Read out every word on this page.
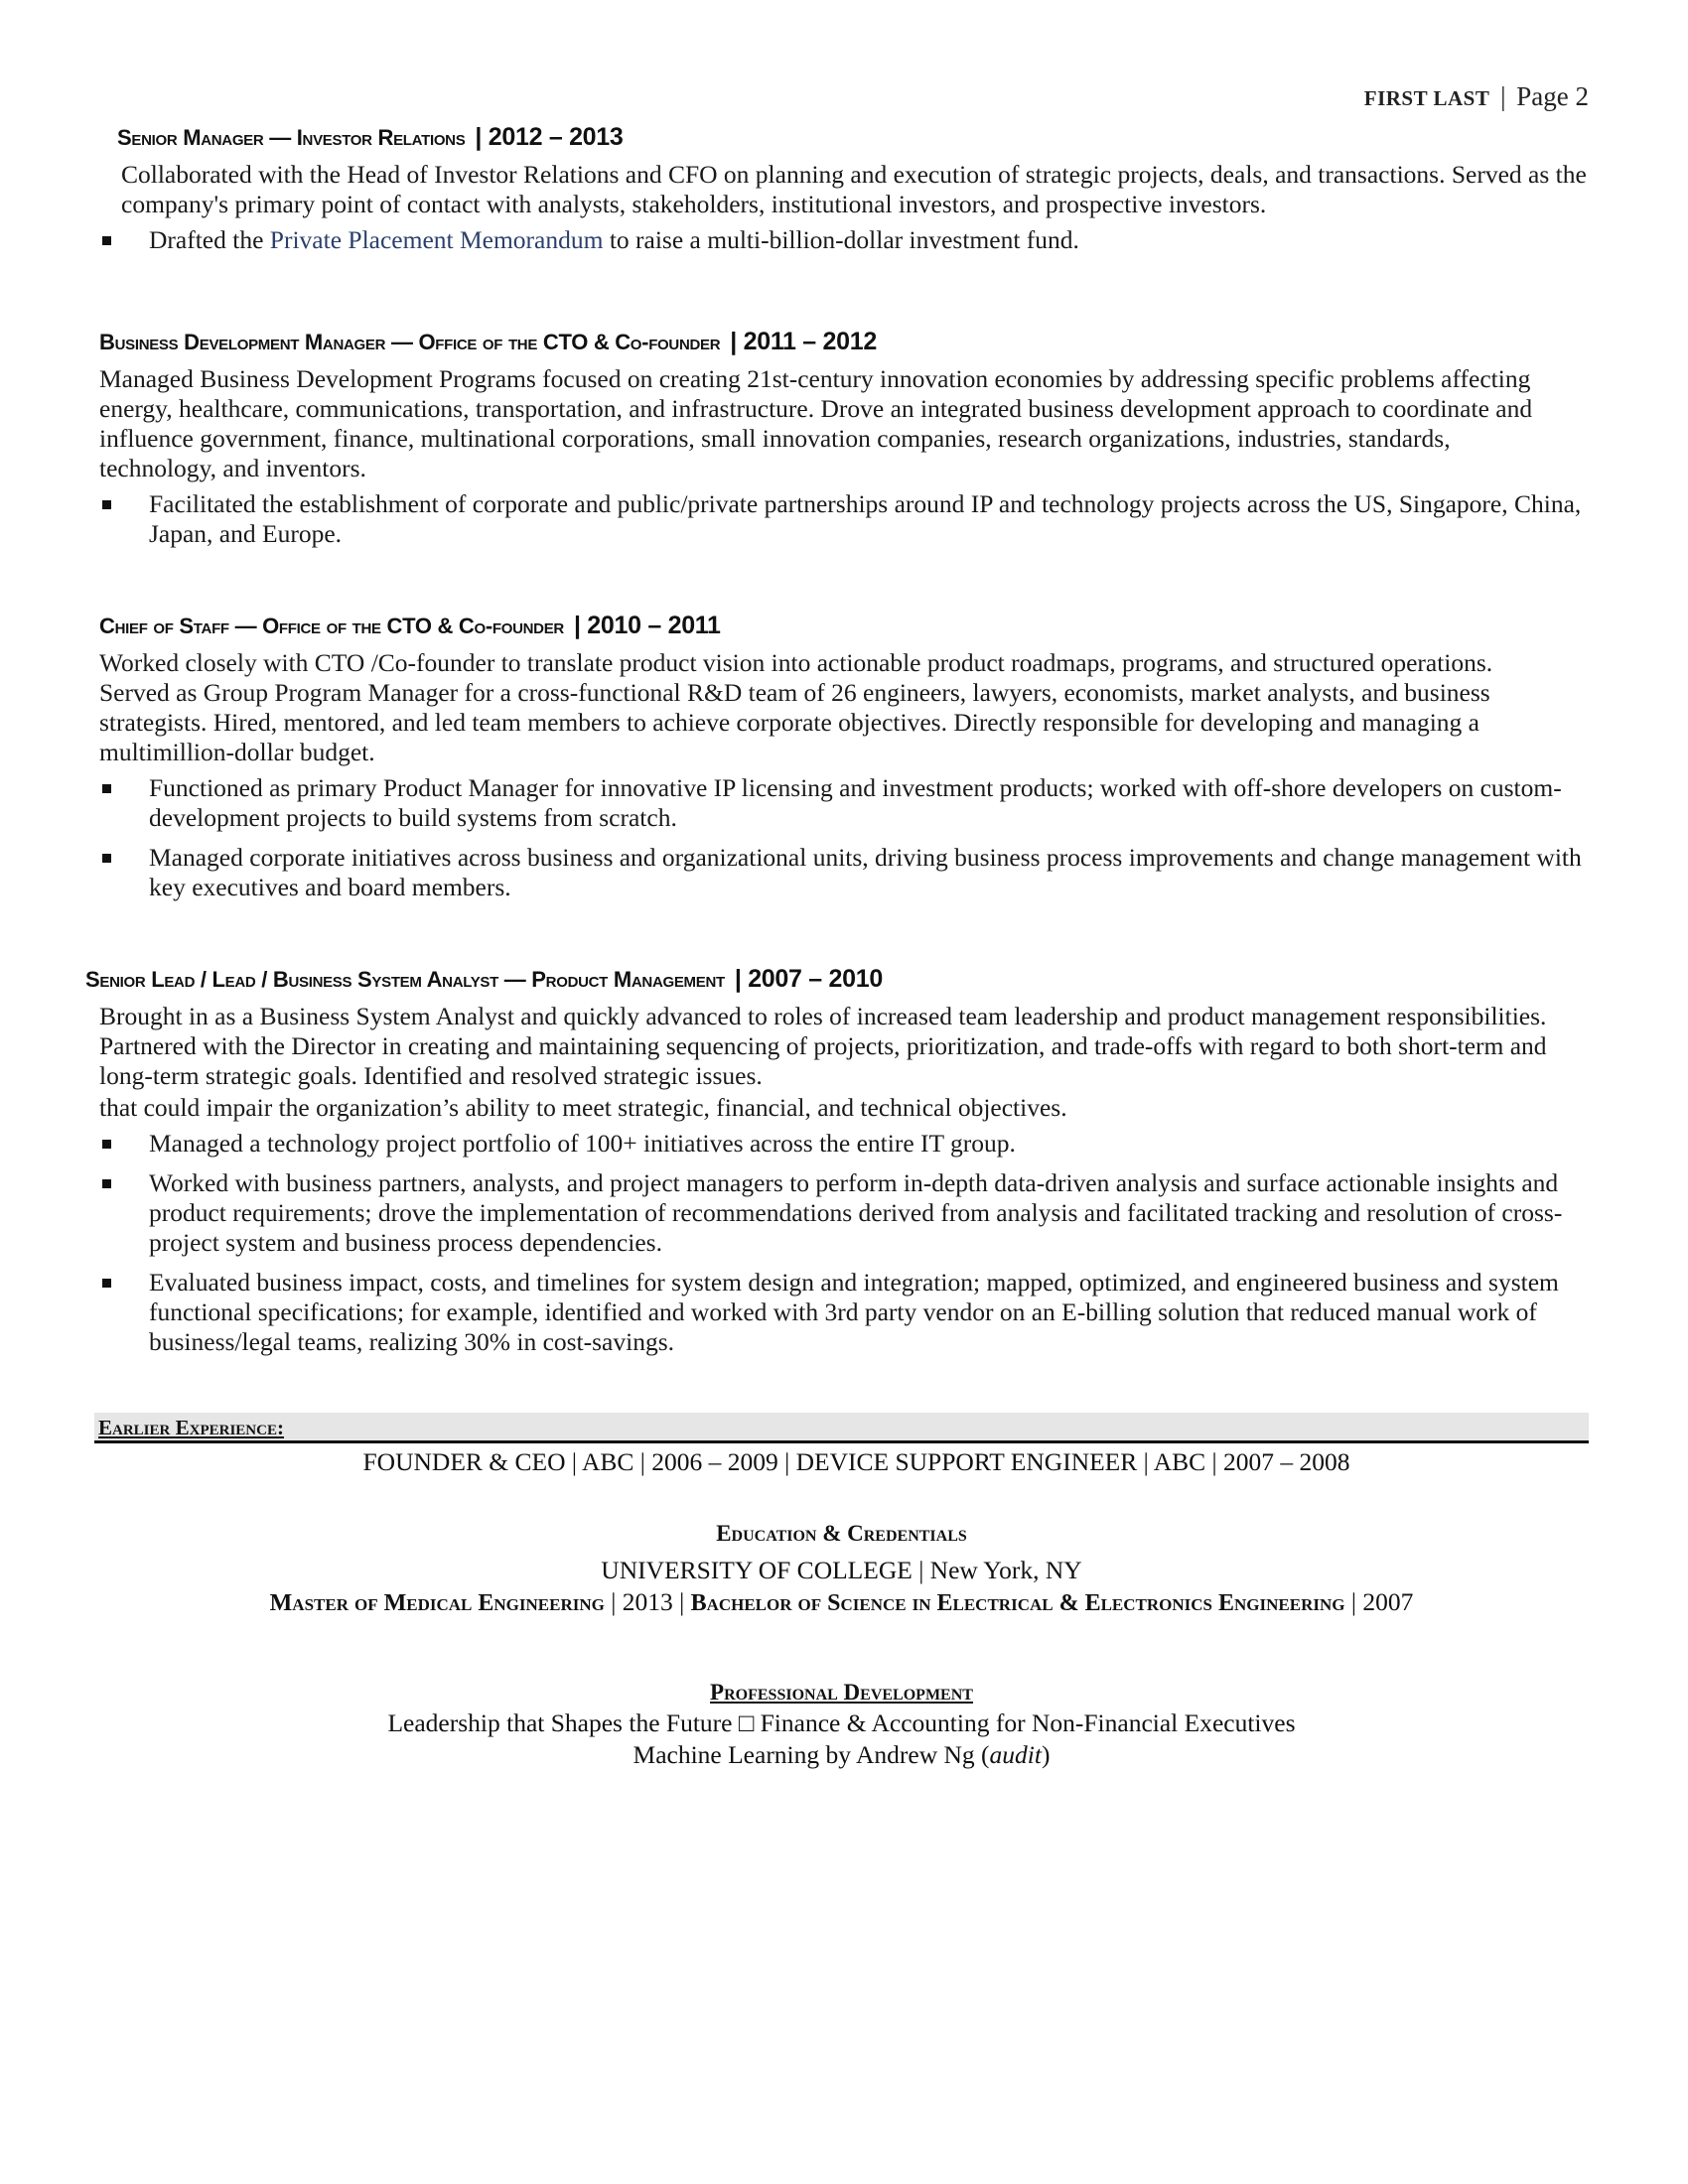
FIRST LAST | Page 2
Senior Manager — Investor Relations | 2012 – 2013
Collaborated with the Head of Investor Relations and CFO on planning and execution of strategic projects, deals, and transactions. Served as the company's primary point of contact with analysts, stakeholders, institutional investors, and prospective investors.
Drafted the Private Placement Memorandum to raise a multi-billion-dollar investment fund.
Business Development Manager — Office of the CTO & Co-founder | 2011 – 2012
Managed Business Development Programs focused on creating 21st-century innovation economies by addressing specific problems affecting energy, healthcare, communications, transportation, and infrastructure. Drove an integrated business development approach to coordinate and influence government, finance, multinational corporations, small innovation companies, research organizations, industries, standards, technology, and inventors.
Facilitated the establishment of corporate and public/private partnerships around IP and technology projects across the US, Singapore, China, Japan, and Europe.
Chief of Staff — Office of the CTO & Co-founder | 2010 – 2011
Worked closely with CTO /Co-founder to translate product vision into actionable product roadmaps, programs, and structured operations. Served as Group Program Manager for a cross-functional R&D team of 26 engineers, lawyers, economists, market analysts, and business strategists. Hired, mentored, and led team members to achieve corporate objectives. Directly responsible for developing and managing a multimillion-dollar budget.
Functioned as primary Product Manager for innovative IP licensing and investment products; worked with off-shore developers on custom-development projects to build systems from scratch.
Managed corporate initiatives across business and organizational units, driving business process improvements and change management with key executives and board members.
Senior Lead / Lead / Business System Analyst — Product Management | 2007 – 2010
Brought in as a Business System Analyst and quickly advanced to roles of increased team leadership and product management responsibilities. Partnered with the Director in creating and maintaining sequencing of projects, prioritization, and trade-offs with regard to both short-term and long-term strategic goals. Identified and resolved strategic issues.
that could impair the organization’s ability to meet strategic, financial, and technical objectives.
Managed a technology project portfolio of 100+ initiatives across the entire IT group.
Worked with business partners, analysts, and project managers to perform in-depth data-driven analysis and surface actionable insights and product requirements; drove the implementation of recommendations derived from analysis and facilitated tracking and resolution of cross-project system and business process dependencies.
Evaluated business impact, costs, and timelines for system design and integration; mapped, optimized, and engineered business and system functional specifications; for example, identified and worked with 3rd party vendor on an E-billing solution that reduced manual work of business/legal teams, realizing 30% in cost-savings.
Earlier Experience:
FOUNDER & CEO | ABC | 2006 – 2009 | DEVICE SUPPORT ENGINEER | ABC | 2007 – 2008
Education & Credentials
UNIVERSITY OF COLLEGE | New York, NY
Master of Medical Engineering | 2013 | Bachelor of Science in Electrical & Electronics Engineering | 2007
Professional Development
Leadership that Shapes the Future □ Finance & Accounting for Non-Financial Executives
Machine Learning by Andrew Ng (audit)
